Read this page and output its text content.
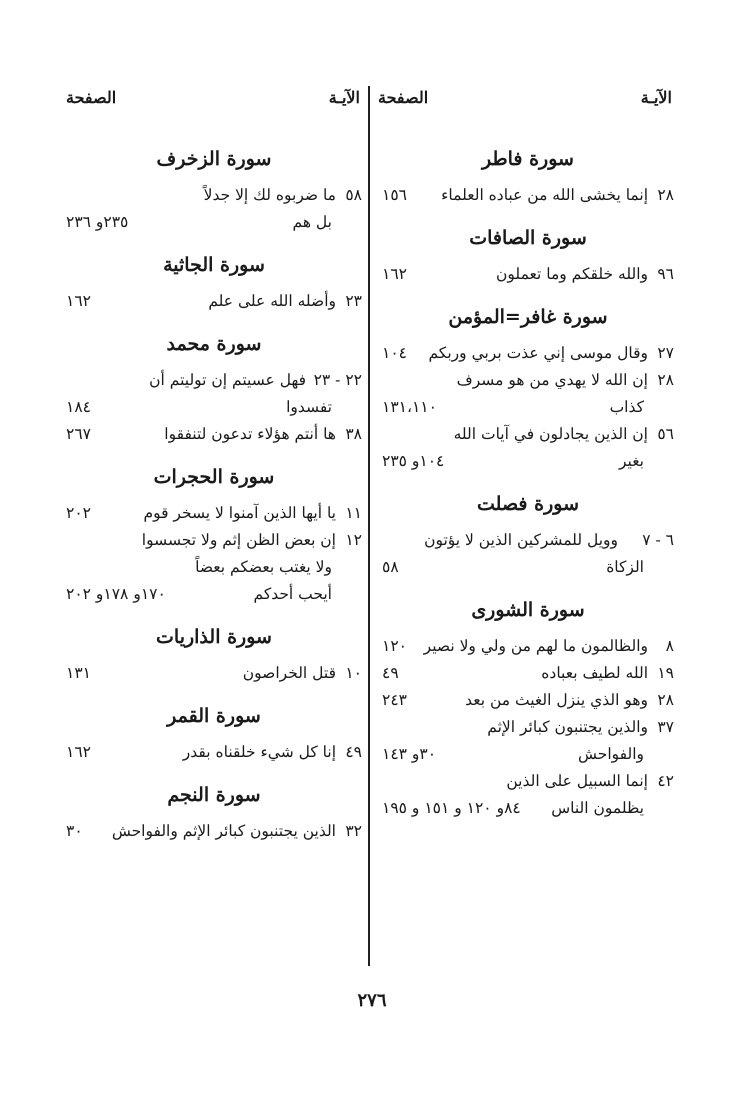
الآيـة
الصفحة
سورة فاطر
٢٨
إنما يخشى الله من عباده العلماء
١٥٦
سورة الصافات
٩٦
والله خلقكم وما تعملون
١٦٢
سورة غافر=المؤمن
٢٧
وقال موسى إني عذت بربي وربكم
١٠٤
٢٨
إن الله لا يهدي من هو مسرف
كذاب
١٣١،١١٠
٥٦
إن الذين يجادلون في آيات الله
بغير
١٠٤و ٢٣٥
سورة فصلت
٦ - ٧
وويل للمشركين الذين لا يؤتون
الزكاة
٥٨
سورة الشورى
٨
والظالمون ما لهم من ولي ولا نصير
١٢٠
١٩
الله لطيف بعباده
٤٩
٢٨
وهو الذي ينزل الغيث من بعد
٢٤٣
٣٧
والذين يجتنبون كبائر الإثم
والفواحش
٣٠و ١٤٣
٤٢
إنما السبيل على الذين
يظلمون الناس
٨٤و ١٢٠ و ١٥١ و ١٩٥
الآيـة
الصفحة
سورة الزخرف
٥٨
ما ضربوه لك إلا جدلاً
بل هم
٢٣٥و ٢٣٦
سورة الجاثية
٢٣
وأضله الله على علم
١٦٢
سورة محمد
٢٢ - ٢٣
فهل عسيتم إن توليتم أن
تفسدوا
١٨٤
٣٨
ها أنتم هؤلاء تدعون لتنفقوا
٢٦٧
سورة الحجرات
١١
يا أيها الذين آمنوا لا يسخر قوم
٢٠٢
١٢
إن بعض الظن إثم ولا تجسسوا
ولا يغتب بعضكم بعضاً
أيحب أحدكم
١٧٠و ١٧٨و ٢٠٢
سورة الذاريات
١٠
قتل الخراصون
١٣١
سورة القمر
٤٩
إنا كل شيء خلقناه بقدر
١٦٢
سورة النجم
٣٢
الذين يجتنبون كبائر الإثم والفواحش
٣٠
٢٧٦
